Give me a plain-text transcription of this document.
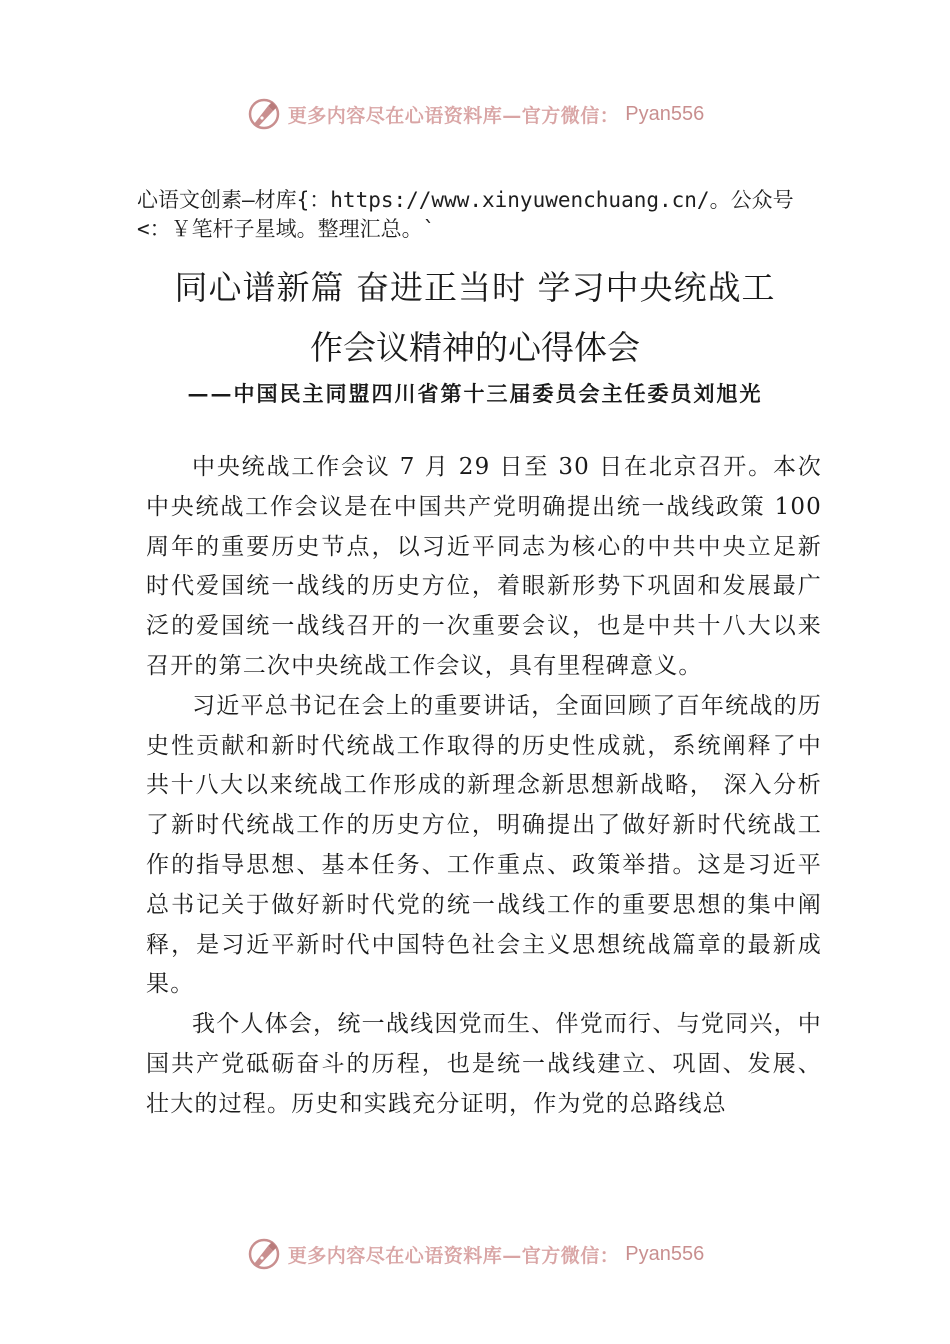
更多内容尽在心语资料库—官方微信： Pyan556
心语文创素—材库{：https://www.xinyuwenchuang.cn/。公众号<：￥笔杆子星域。整理汇总。`
同心谱新篇 奋进正当时 学习中央统战工
作会议精神的心得体会
——中国民主同盟四川省第十三届委员会主任委员刘旭光

中央统战工作会议 7 月 29 日至 30 日在北京召开。本次中央统战工作会议是在中国共产党明确提出统一战线政策 100 周年的重要历史节点，以习近平同志为核心的中共中央立足新时代爱国统一战线的历史方位，着眼新形势下巩固和发展最广泛的爱国统一战线召开的一次重要会议，也是中共十八大以来召开的第二次中央统战工作会议，具有里程碑意义。

习近平总书记在会上的重要讲话，全面回顾了百年统战的历史性贡献和新时代统战工作取得的历史性成就，系统阐释了中共十八大以来统战工作形成的新理念新思想新战略， 深入分析了新时代统战工作的历史方位，明确提出了做好新时代统战工作的指导思想、基本任务、工作重点、政策举措。这是习近平总书记关于做好新时代党的统一战线工作的重要思想的集中阐释，是习近平新时代中国特色社会主义思想统战篇章的最新成果。

我个人体会，统一战线因党而生、伴党而行、与党同兴，中国共产党砥砺奋斗的历程，也是统一战线建立、巩固、发展、壮大的过程。历史和实践充分证明，作为党的总路线总

更多内容尽在心语资料库—官方微信： Pyan556
